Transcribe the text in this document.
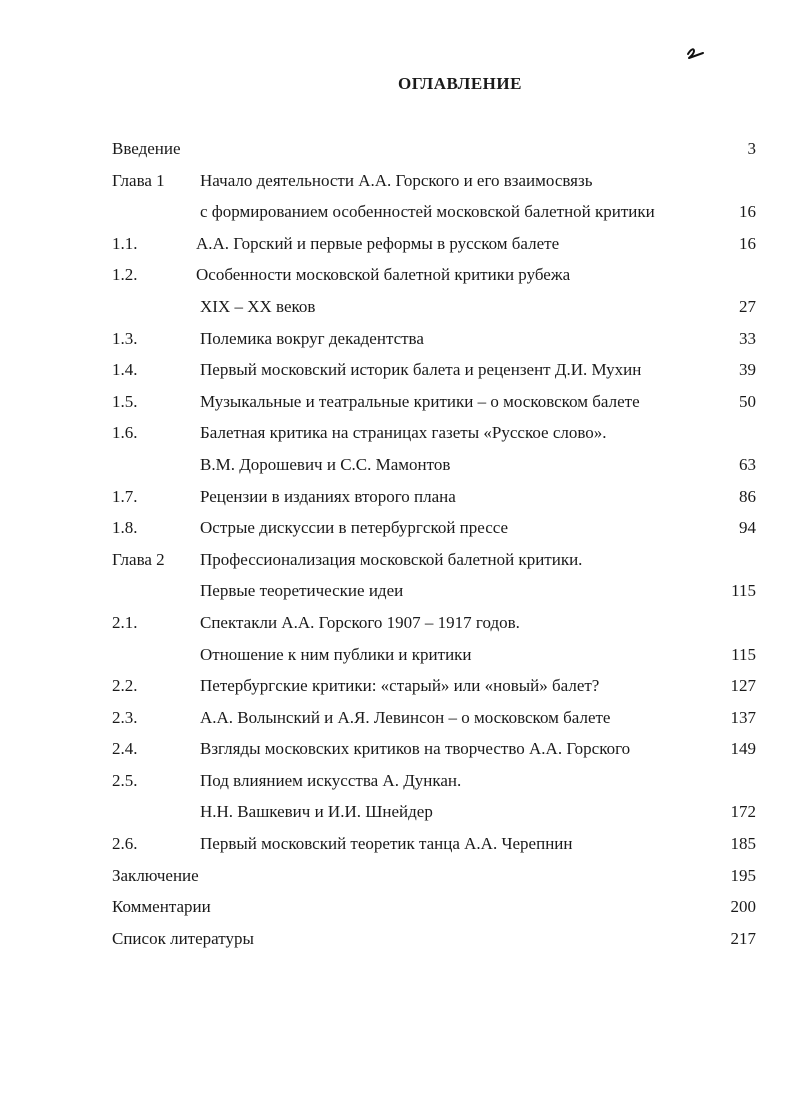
ОГЛАВЛЕНИЕ
Введение	3
Глава 1 Начало деятельности А.А. Горского и его взаимосвязь
с формированием особенностей московской балетной критики	16
1.1.	А.А. Горский и первые реформы в русском балете	16
1.2.	Особенности московской балетной критики рубежа
XIX – XX веков	27
1.3.	Полемика вокруг декадентства	33
1.4.	Первый московский историк балета и рецензент Д.И. Мухин	39
1.5.	Музыкальные и театральные критики – о московском балете	50
1.6.	Балетная критика на страницах газеты «Русское слово».
В.М. Дорошевич и С.С. Мамонтов	63
1.7.	Рецензии в изданиях второго плана	86
1.8.	Острые дискуссии в петербургской прессе	94
Глава 2 Профессионализация московской балетной критики.
Первые теоретические идеи	115
2.1.	Спектакли А.А. Горского 1907 – 1917 годов.
Отношение к ним публики и критики	115
2.2.	Петербургские критики: «старый» или «новый» балет?	127
2.3.	А.А. Волынский и А.Я. Левинсон – о московском балете	137
2.4.	Взгляды московских критиков на творчество А.А. Горского	149
2.5.	Под влиянием искусства А. Дункан.
Н.Н. Вашкевич и И.И. Шнейдер	172
2.6.	Первый московский теоретик танца А.А. Черепнин	185
Заключение	195
Комментарии	200
Список литературы	217
